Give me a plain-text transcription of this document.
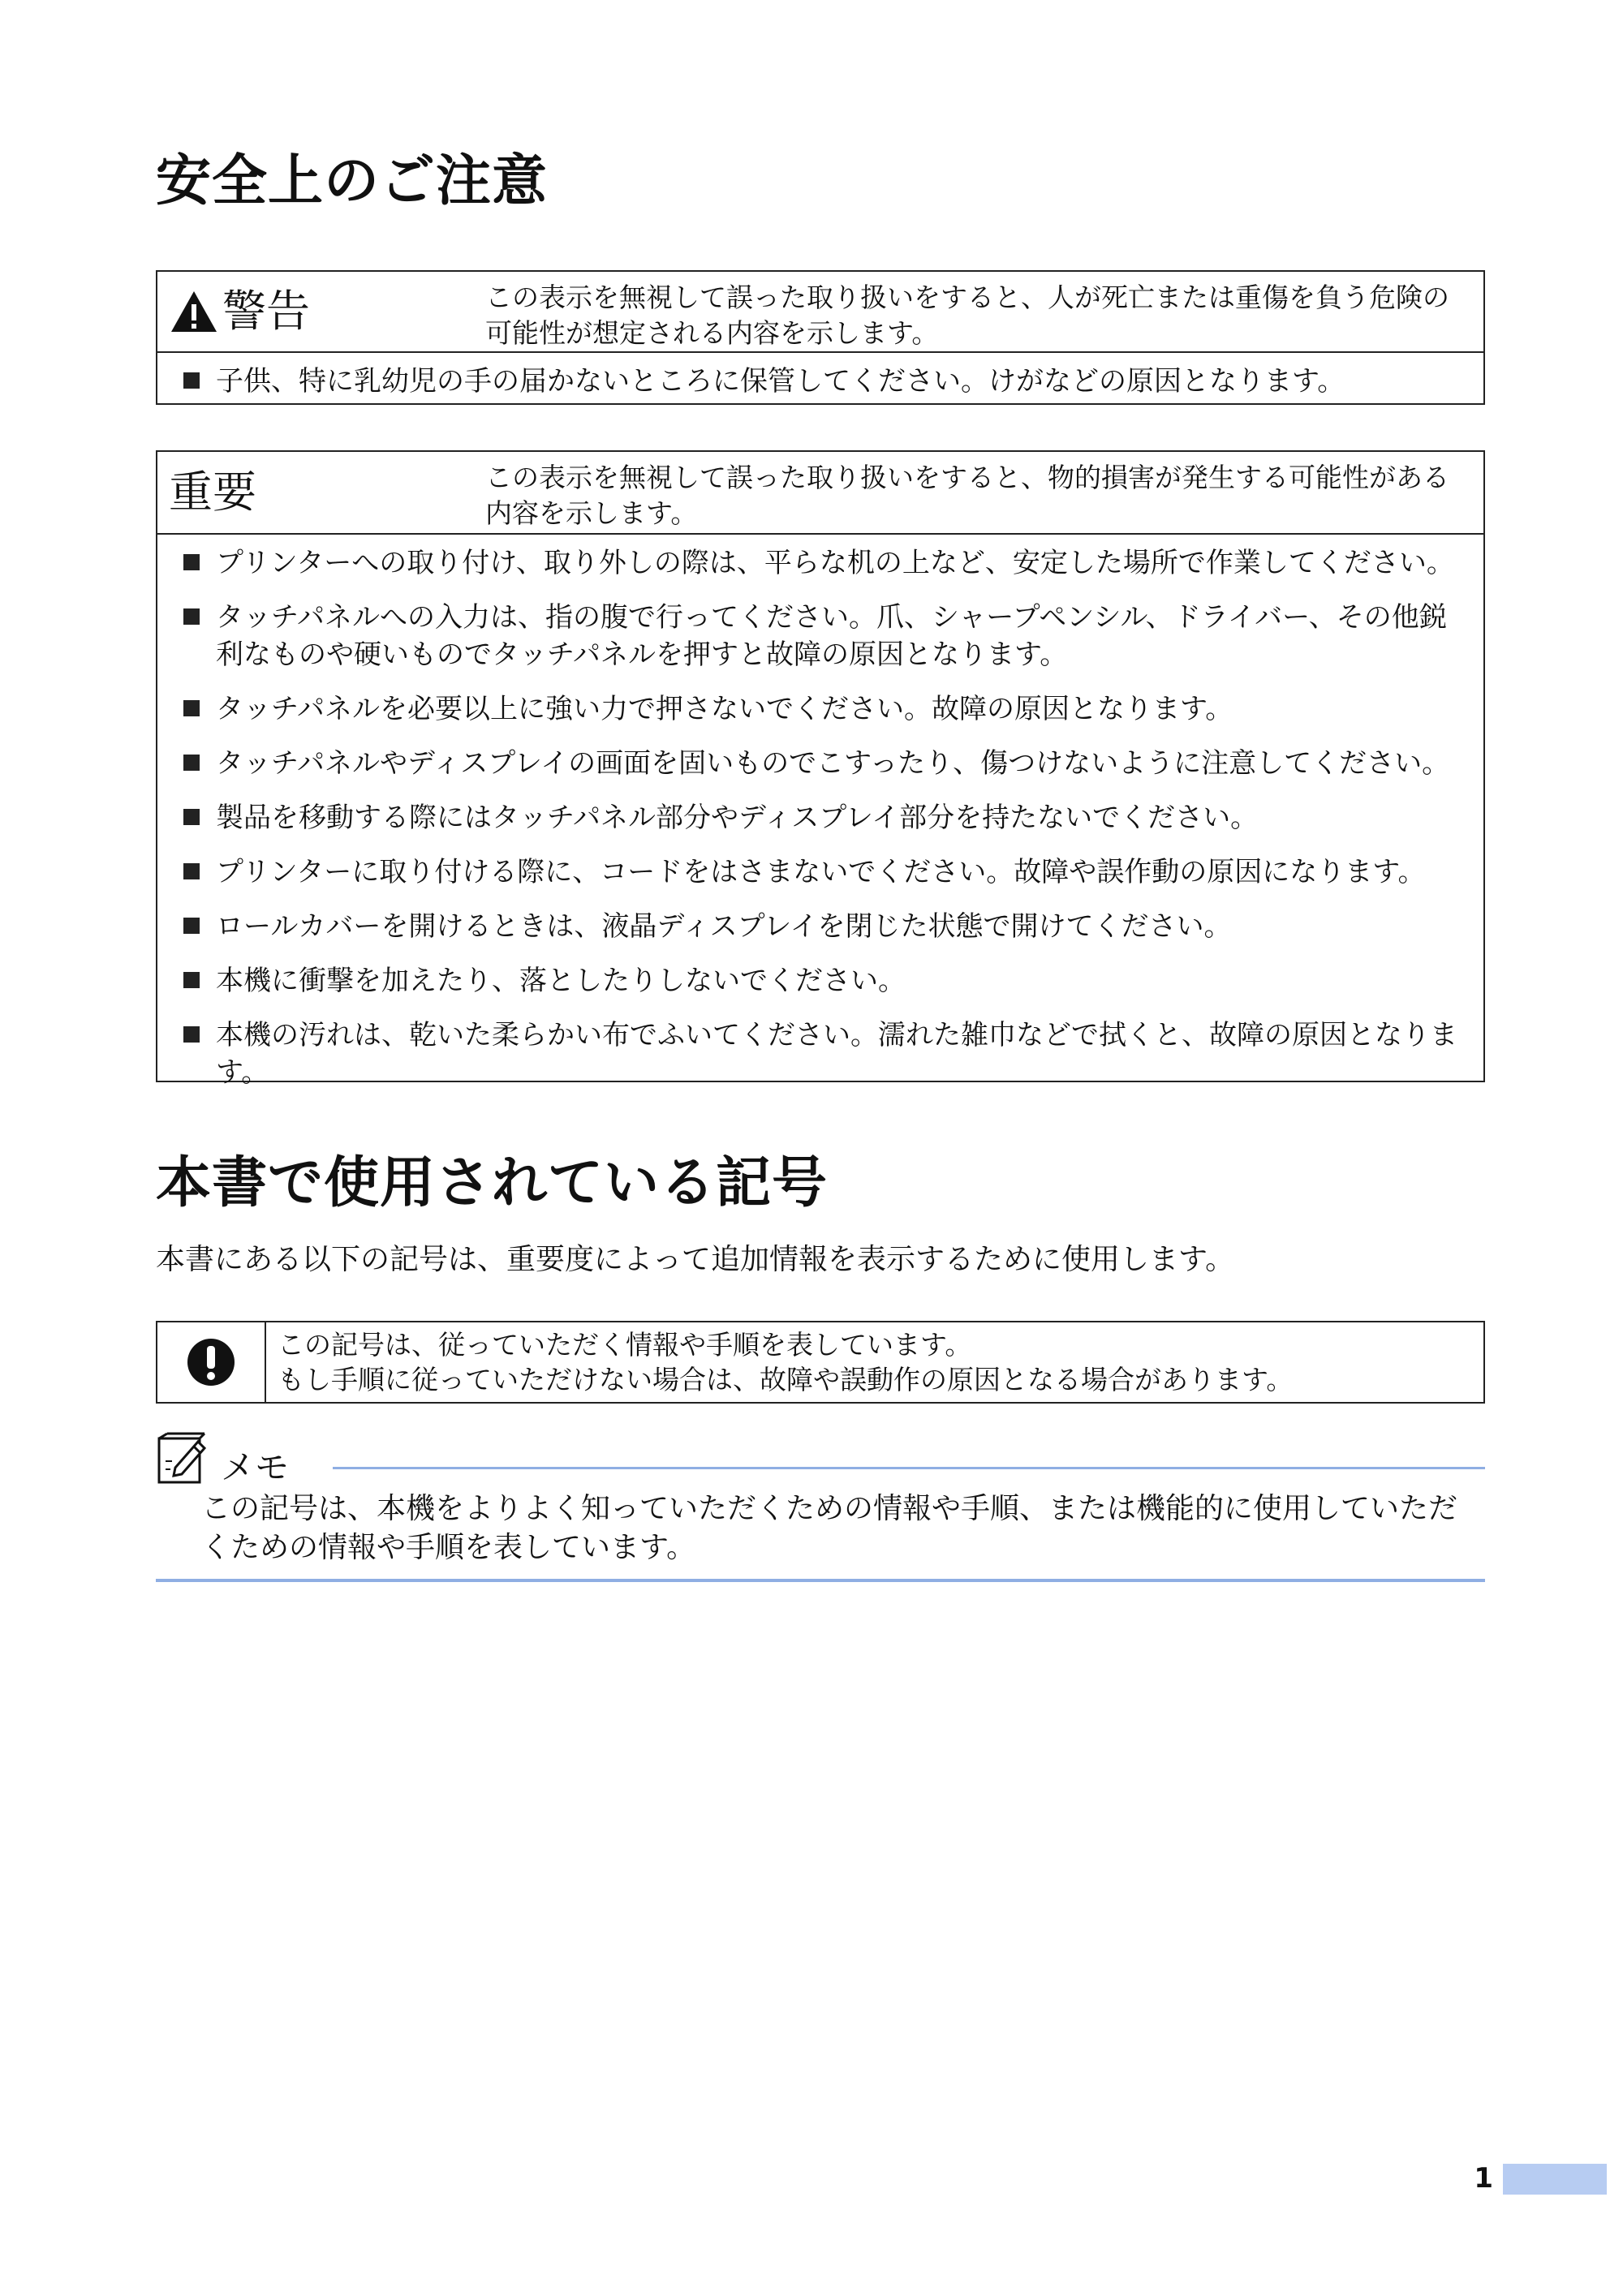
安全上のご注意
警告	この表示を無視して誤った取り扱いをすると、人が死亡または重傷を負う危険の可能性が想定される内容を示します。
子供、特に乳幼児の手の届かないところに保管してください。けがなどの原因となります。
重要	この表示を無視して誤った取り扱いをすると、物的損害が発生する可能性がある内容を示します。
プリンターへの取り付け、取り外しの際は、平らな机の上など、安定した場所で作業してください。
タッチパネルへの入力は、指の腹で行ってください。爪、シャープペンシル、ドライバー、その他鋭利なものや硬いものでタッチパネルを押すと故障の原因となります。
タッチパネルを必要以上に強い力で押さないでください。故障の原因となります。
タッチパネルやディスプレイの画面を固いものでこすったり、傷つけないように注意してください。
製品を移動する際にはタッチパネル部分やディスプレイ部分を持たないでください。
プリンターに取り付ける際に、コードをはさまないでください。故障や誤作動の原因になります。
ロールカバーを開けるときは、液晶ディスプレイを閉じた状態で開けてください。
本機に衝撃を加えたり、落としたりしないでください。
本機の汚れは、乾いた柔らかい布でふいてください。濡れた雑巾などで拭くと、故障の原因となります。
本書で使用されている記号
本書にある以下の記号は、重要度によって追加情報を表示するために使用します。
この記号は、従っていただく情報や手順を表しています。
もし手順に従っていただけない場合は、故障や誤動作の原因となる場合があります。
メモ
この記号は、本機をよりよく知っていただくための情報や手順、または機能的に使用していただくための情報や手順を表しています。
1
